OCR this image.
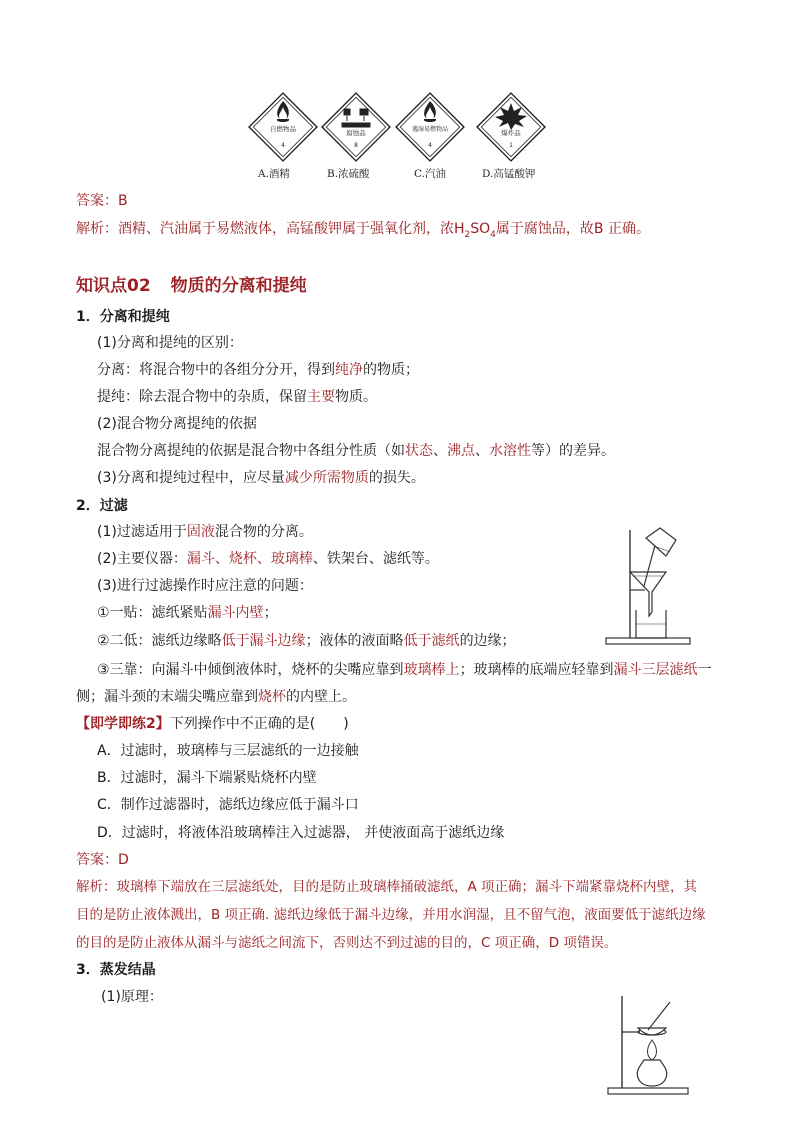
自燃物品
4
腐蚀品
8
遇湿易燃物品
4
爆炸品
1
A.酒精	B.浓硫酸	C.汽油	D.高锰酸钾
答案：B
解析：酒精、汽油属于易燃液体，高锰酸钾属于强氧化剂，浓$H_2SO_4$属于腐蚀品，故B 正确。
知识点02 物质的分离和提纯
1．分离和提纯
(1)分离和提纯的区别：
分离：将混合物中的各组分分开，得到纯净的物质；
提纯：除去混合物中的杂质，保留主要物质。
(2)混合物分离提纯的依据
混合物分离提纯的依据是混合物中各组分性质（如状态、沸点、水溶性等）的差异。
(3)分离和提纯过程中，应尽量减少所需物质的损失。
2．过滤
(1)过滤适用于固液混合物的分离。
(2)主要仪器：漏斗、烧杯、玻璃棒、铁架台、滤纸等。
(3)进行过滤操作时应注意的问题：
①一贴：滤纸紧贴漏斗内壁；
②二低：滤纸边缘略低于漏斗边缘；液体的液面略低于滤纸的边缘；
③三靠：向漏斗中倾倒液体时，烧杯的尖嘴应靠到玻璃棒上；玻璃棒的底端应轻靠到漏斗三层滤纸一
侧；漏斗颈的末端尖嘴应靠到烧杯的内壁上。
【即学即练2】下列操作中不正确的是(　　)
A．过滤时，玻璃棒与三层滤纸的一边接触
B．过滤时，漏斗下端紧贴烧杯内壁
C．制作过滤器时，滤纸边缘应低于漏斗口
D．过滤时，将液体沿玻璃棒注入过滤器， 并使液面高于滤纸边缘
答案：D
解析：玻璃棒下端放在三层滤纸处，目的是防止玻璃棒捅破滤纸，A 项正确；漏斗下端紧靠烧杯内壁，其
目的是防止液体溅出，B 项正确. 滤纸边缘低于漏斗边缘，并用水润湿，且不留气泡，液面要低于滤纸边缘
的目的是防止液体从漏斗与滤纸之间流下，否则达不到过滤的目的，C 项正确，D 项错误。
3．蒸发结晶
(1)原理：
